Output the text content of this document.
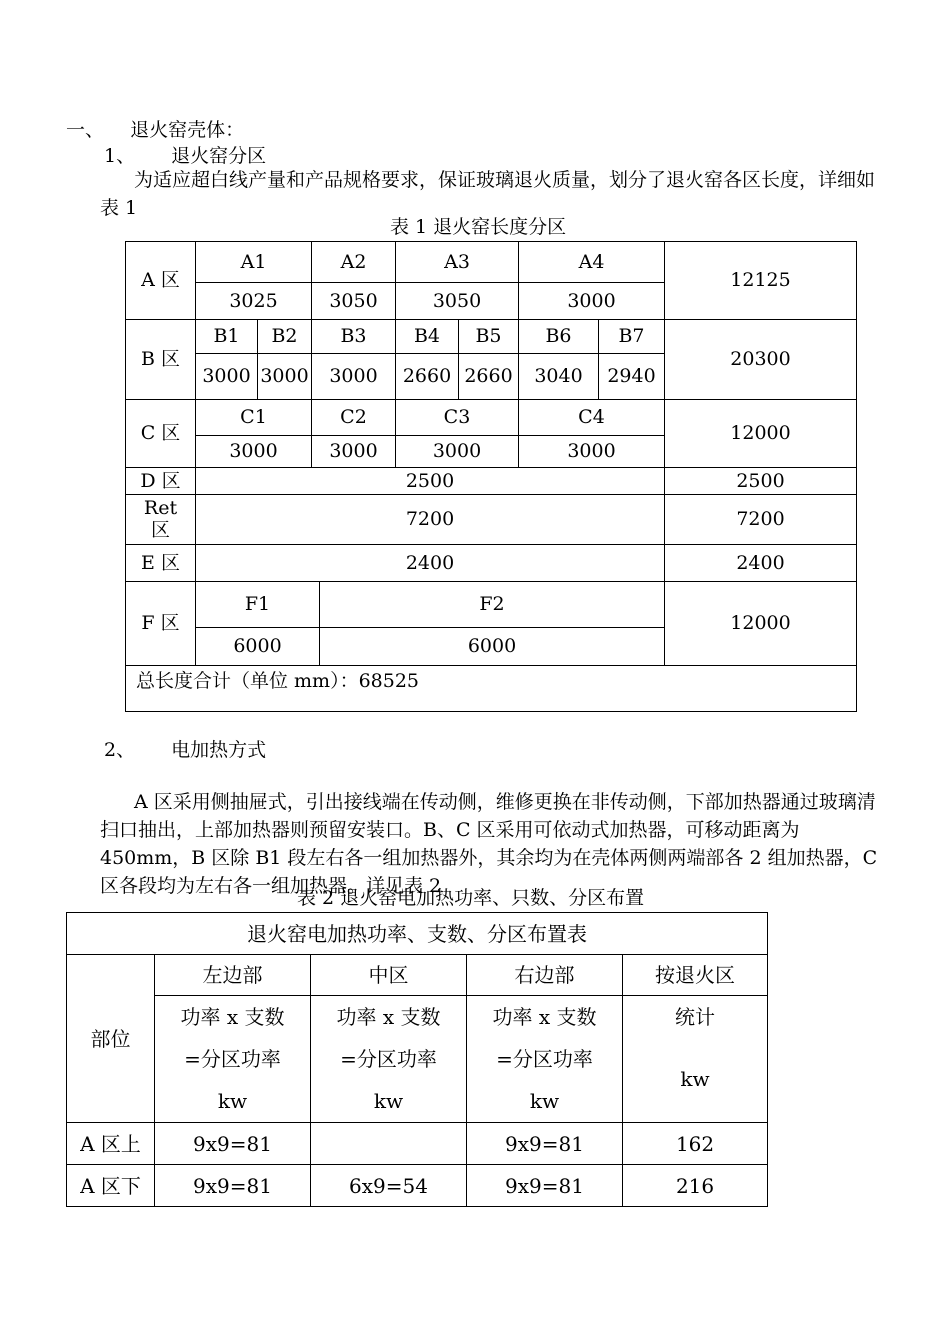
一、 退火窑壳体：
1、 退火窑分区
为适应超白线产量和产品规格要求，保证玻璃退火质量，划分了退火窑各区长度，详细如表 1
表 1 退火窑长度分区
A 区	A1		A2		A3		A4		12125
	3025		3050		3050		3000		
B 区	B1	B2	B3		B4	B5	B6	B7	20300
	3000	3000	3000		2660	2660	3040	2940	
C 区	C1		C2		C3		C4		12000
	3000		3000		3000		3000		
D 区	2500								2500
Ret 区	7200								7200
E 区	2400								2400
F 区	F1			F2					12000
	6000			6000					
总长度合计（单位 mm）：68525									
2、 电加热方式
A 区采用侧抽屉式，引出接线端在传动侧，维修更换在非传动侧，下部加热器通过玻璃清扫口抽出，上部加热器则预留安装口。B、C 区采用可依动式加热器，可移动距离为 450mm，B 区除 B1 段左右各一组加热器外，其余均为在壳体两侧两端部各 2 组加热器，C 区各段均为左右各一组加热器。详见表 2
表 2 退火窑电加热功率、只数、分区布置
退火窑电加热功率、支数、分区布置表				
部位	左边部	中区	右边部	按退火区

	功率 x 支数
=分区功率
kw	功率 x 支数
=分区功率
kw	功率 x 支数
=分区功率
kw	统计
kw

A 区上	9x9=81		9x9=81	162
A 区下	9x9=81	6x9=54	9x9=81	216
